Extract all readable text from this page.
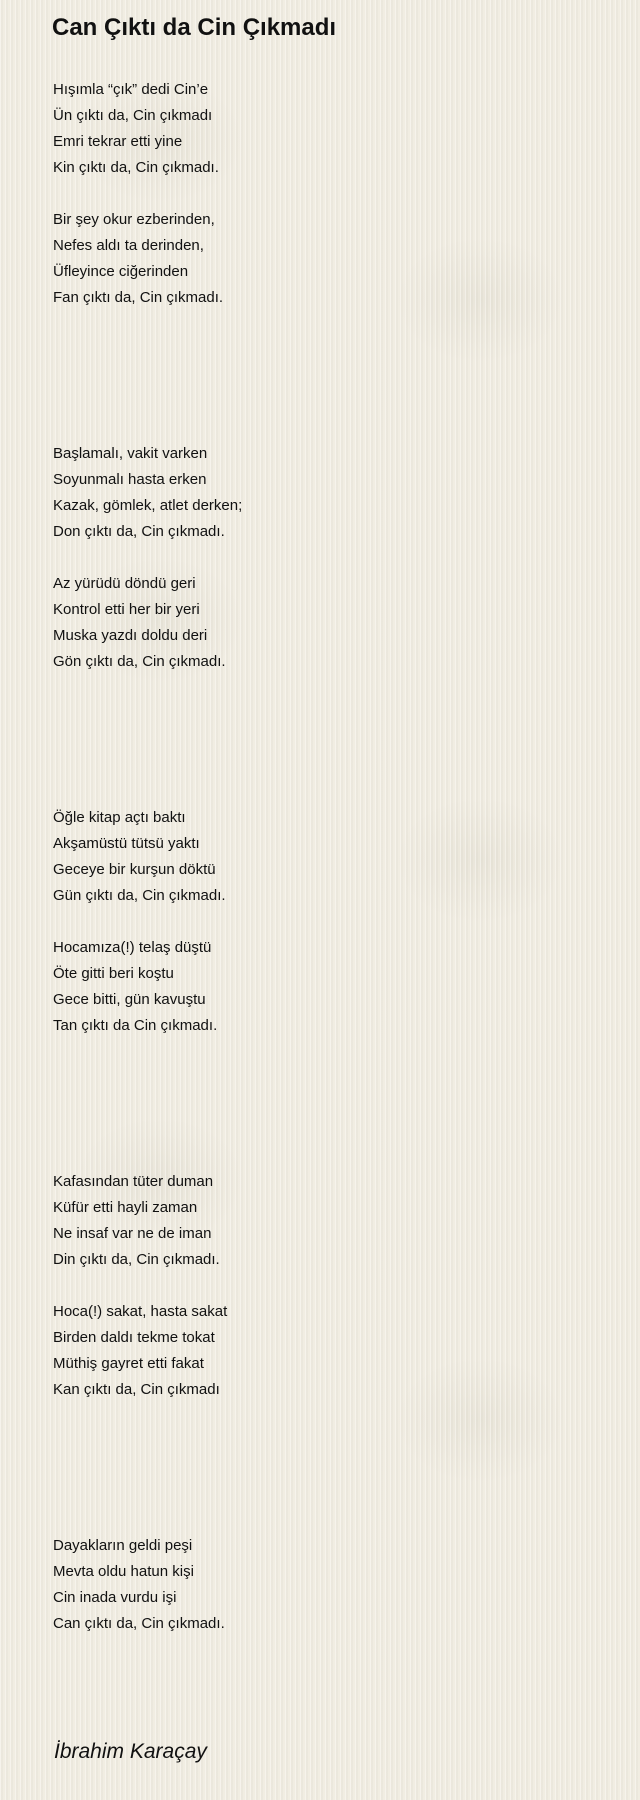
Can Çıktı da Cin Çıkmadı
Hışımla “çık” dedi Cin’e
Ün çıktı da, Cin çıkmadı
Emri tekrar etti yine
Kin çıktı da, Cin çıkmadı.
Bir şey okur ezberinden,
Nefes aldı ta derinden,
Üfleyince ciğerinden
Fan çıktı da, Cin çıkmadı.
Başlamalı, vakit varken
Soyunmalı hasta erken
Kazak, gömlek, atlet derken;
Don çıktı da, Cin çıkmadı.
Az yürüdü döndü geri
Kontrol etti her bir yeri
Muska yazdı doldu deri
Gön çıktı da, Cin çıkmadı.
Öğle kitap açtı baktı
Akşamüstü tütsü yaktı
Geceye bir kurşun döktü
Gün çıktı da, Cin çıkmadı.
Hocamıza(!) telaş düştü
Öte gitti beri koştu
Gece bitti, gün kavuştu
Tan çıktı da Cin çıkmadı.
Kafasından tüter duman
Küfür etti hayli zaman
Ne insaf var ne de iman
Din çıktı da, Cin çıkmadı.
Hoca(!) sakat, hasta sakat
Birden daldı tekme tokat
Müthiş gayret etti fakat
Kan çıktı da, Cin çıkmadı
Dayakların geldi peşi
Mevta oldu hatun kişi
Cin inada vurdu işi
Can çıktı da, Cin çıkmadı.

İbrahim Karaçay
